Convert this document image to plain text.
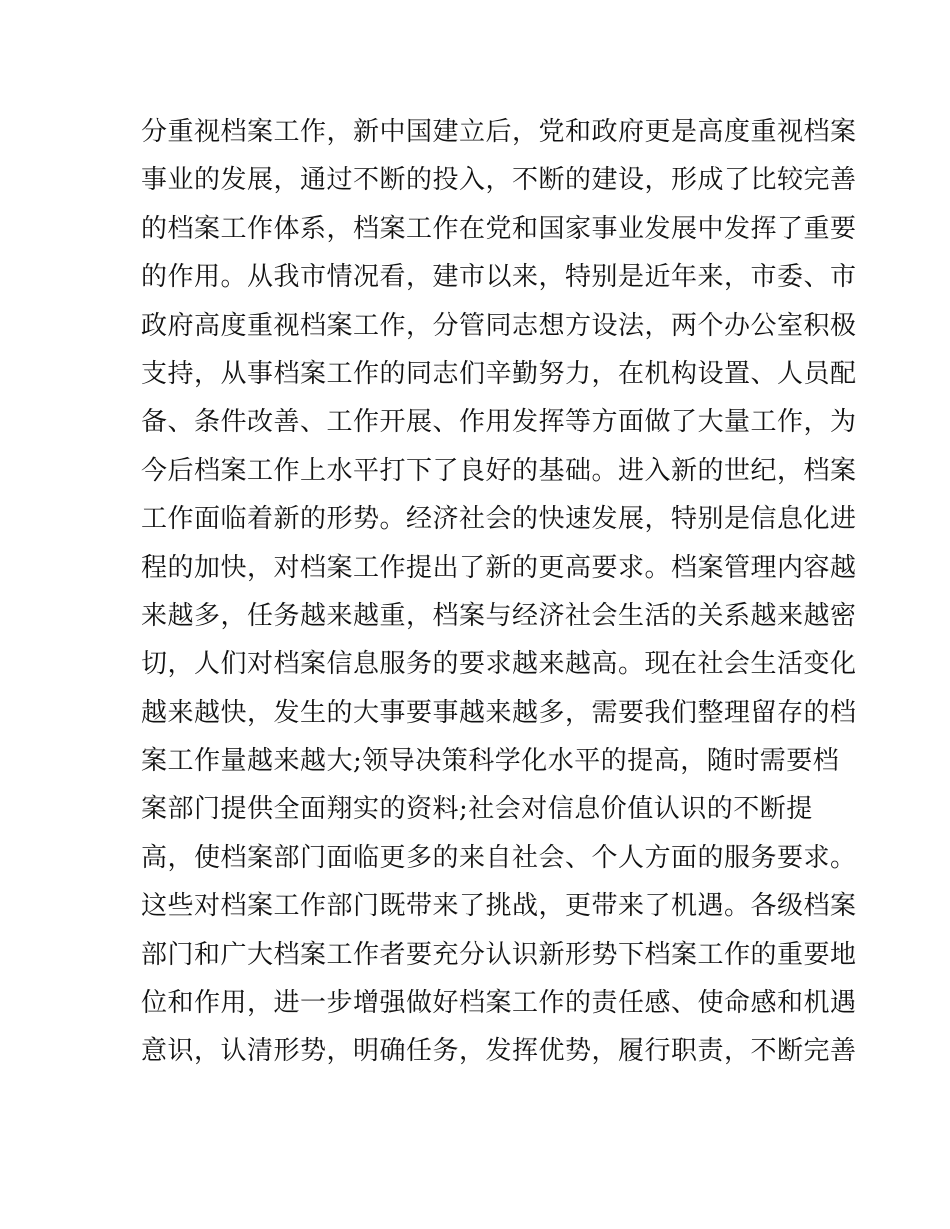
分重视档案工作，新中国建立后，党和政府更是高度重视档案
事业的发展，通过不断的投入，不断的建设，形成了比较完善
的档案工作体系，档案工作在党和国家事业发展中发挥了重要
的作用。从我市情况看，建市以来，特别是近年来，市委、市
政府高度重视档案工作，分管同志想方设法，两个办公室积极
支持，从事档案工作的同志们辛勤努力，在机构设置、人员配
备、条件改善、工作开展、作用发挥等方面做了大量工作，为
今后档案工作上水平打下了良好的基础。进入新的世纪，档案
工作面临着新的形势。经济社会的快速发展，特别是信息化进
程的加快，对档案工作提出了新的更高要求。档案管理内容越
来越多，任务越来越重，档案与经济社会生活的关系越来越密
切，人们对档案信息服务的要求越来越高。现在社会生活变化
越来越快，发生的大事要事越来越多，需要我们整理留存的档
案工作量越来越大;领导决策科学化水平的提高，随时需要档
案部门提供全面翔实的资料;社会对信息价值认识的不断提
高，使档案部门面临更多的来自社会、个人方面的服务要求。
这些对档案工作部门既带来了挑战，更带来了机遇。各级档案
部门和广大档案工作者要充分认识新形势下档案工作的重要地
位和作用，进一步增强做好档案工作的责任感、使命感和机遇
意识，认清形势，明确任务，发挥优势，履行职责，不断完善
